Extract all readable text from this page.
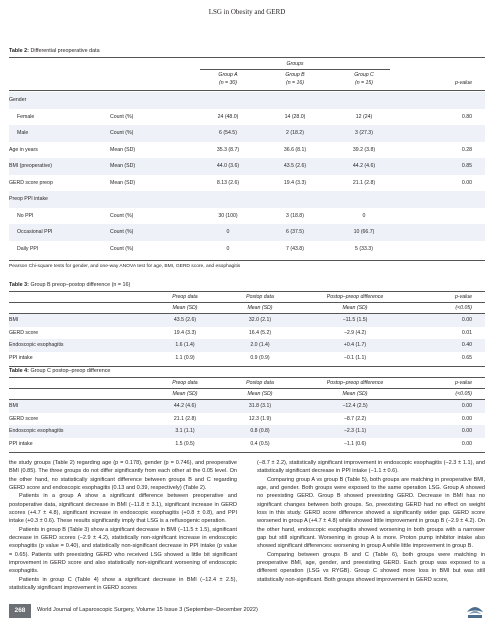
LSG in Obesity and GERD
Table 2: Differential preoperative data
Groups
Group A
(n = 30)
Group B
(n = 16)
Group C
(n = 15)	p-value
Gender
Female	Count (%)	24 (48.0)	14 (28.0)	12 (24)	0.80
Male	Count (%)	6 (54.5)	2 (18.2)	3 (27.3)
Age in years	Mean (SD)	35.3 (8.7)	36.6 (8.1)	39.2 (3.8)	0.28
BMI (preoperative)	Mean (SD)	44.0 (3.6)	43.5 (2.6)	44.2 (4.6)	0.85
GERD score preop	Mean (SD)	8.13 (2.6)	19.4 (3.3)	21.1 (2.8)	0.00
Preop PPI intake
No PPI	Count (%)	30 (100)	3 (18.8)	0
Occasional PPI	Count (%)	0	6 (37.5)	10 (66.7)
Daily PPI	Count (%)	0	7 (43.8)	5 (33.3)
Pearson Chi-square tests for gender, and one-way ANOVA test for age, BMI, GERD score, and esophagitis
Table 3: Group B preop–postop difference (n = 16)
Preop data	Postop data	Postop–preop difference	p-value
Mean (SD)	Mean (SD)	Mean (SD)	(<0.05)
BMI	43.5 (2.6)	32.0 (2.1)	−11.5 (1.5)	0.00
GERD score	19.4 (3.3)	16.4 (5.2)	−2.9 (4.2)	0.01
Endoscopic esophagitis	1.6 (1.4)	2.0 (1.4)	+0.4 (1.7)	0.40
PPI intake	1.1 (0.9)	0.9 (0.9)	−0.1 (1.1)	0.65
Table 4: Group C postop–preop difference
Preop data	Postop data	Postop–preop difference	p-value
Mean (SD)	Mean (SD)	Mean (SD)	(<0.05)
BMI	44.2 (4.6)	31.8 (3.1)	−12.4 (2.5)	0.00
GERD score	21.1 (2.8)	12.3 (1.9)	−8.7 (2.2)	0.00
Endoscopic esophagitis	3.1 (1.1)	0.8 (0.8)	−2.3 (1.1)	0.00
PPI intake	1.5 (0.5)	0.4 (0.5)	−1.1 (0.6)	0.00

the study groups (Table 2) regarding age (p = 0.178), gender (p = 0.746), and preoperative BMI (0.85). The three groups do not differ significantly from each other at the 0.05 level. On the other hand, no statistically significant difference between groups B and C regarding GERD score and endoscopic esophagitis (0.13 and 0.39, respectively) (Table 2).

Patients in a group A show a significant difference between preoperative and postoperative data, significant decrease in BMI (−11.8 ± 3.1), significant increase in GERD scores (+4.7 ± 4.8), significant increase in endoscopic esophagitis (+0.8 ± 0.8), and PPI intake (+0.3 ± 0.6). These results significantly imply that LSG is a refluxogenic operation.

Patients in group B (Table 3) show a significant decrease in BMI (−11.5 ± 1.5), significant decrease in GERD scores (−2.9 ± 4.2), statistically non-significant increase in endoscopic esophagitis (p value = 0.40), and statistically non-significant decrease in PPI intake (p value = 0.65). Patients with preexisting GERD who received LSG showed a little bit significant improvement in GERD score and also statistically non-significant worsening of endoscopic esophagitis.

Patients in group C (Table 4) show a significant decrease in BMI (−12.4 ± 2.5), statistically significant improvement in GERD scores

(−8.7 ± 2.2), statistically significant improvement in endoscopic esophagitis (−2.3 ± 1.1), and statistically significant decrease in PPI intake (−1.1 ± 0.6).

Comparing group A vs group B (Table 5), both groups are matching in preoperative BMI, age, and gender. Both groups were exposed to the same operation LSG. Group A showed no preexisting GERD. Group B showed preexisting GERD. Decrease in BMI has no significant changes between both groups. So, preexisting GERD had no effect on weight loss in this study. GERD score difference showed a significantly wider gap. GERD score worsened in group A (+4.7 ± 4.8) while showed little improvement in group B (−2.9 ± 4.2). On the other hand, endoscopic esophagitis showed worsening in both groups with a narrower gap but still significant. Worsening in group A is more. Proton pump inhibitor intake also showed significant differences: worsening in group A while little improvement in group B.

Comparing between groups B and C (Table 6), both groups were matching in preoperative BMI, age, gender, and preexisting GERD. Each group was exposed to a different operation (LSG vs RYGB). Group C showed more loss in BMI but was still statistically non-significant. Both groups showed improvement in GERD score,

268	World Journal of Laparoscopic Surgery, Volume 15 Issue 3 (September–December 2022)
